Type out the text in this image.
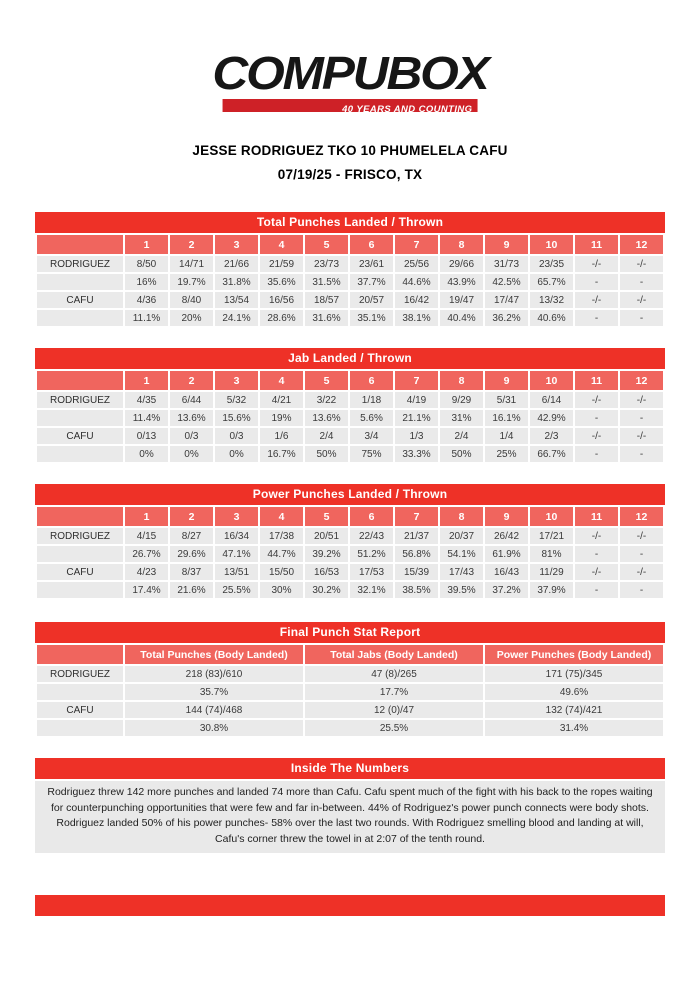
COMPUBOX
40 YEARS AND COUNTING
JESSE RODRIGUEZ TKO 10 PHUMELELA CAFU
07/19/25 - FRISCO, TX
Total Punches Landed / Thrown
	1	2	3	4	5	6	7	8	9	10	11	12
RODRIGUEZ	8/50	14/71	21/66	21/59	23/73	23/61	25/56	29/66	31/73	23/35	-/-	-/-
	16%	19.7%	31.8%	35.6%	31.5%	37.7%	44.6%	43.9%	42.5%	65.7%	-	-
CAFU	4/36	8/40	13/54	16/56	18/57	20/57	16/42	19/47	17/47	13/32	-/-	-/-
	11.1%	20%	24.1%	28.6%	31.6%	35.1%	38.1%	40.4%	36.2%	40.6%	-	-
Jab Landed / Thrown
	1	2	3	4	5	6	7	8	9	10	11	12
RODRIGUEZ	4/35	6/44	5/32	4/21	3/22	1/18	4/19	9/29	5/31	6/14	-/-	-/-
	11.4%	13.6%	15.6%	19%	13.6%	5.6%	21.1%	31%	16.1%	42.9%	-	-
CAFU	0/13	0/3	0/3	1/6	2/4	3/4	1/3	2/4	1/4	2/3	-/-	-/-
	0%	0%	0%	16.7%	50%	75%	33.3%	50%	25%	66.7%	-	-
Power Punches Landed / Thrown
	1	2	3	4	5	6	7	8	9	10	11	12
RODRIGUEZ	4/15	8/27	16/34	17/38	20/51	22/43	21/37	20/37	26/42	17/21	-/-	-/-
	26.7%	29.6%	47.1%	44.7%	39.2%	51.2%	56.8%	54.1%	61.9%	81%	-	-
CAFU	4/23	8/37	13/51	15/50	16/53	17/53	15/39	17/43	16/43	11/29	-/-	-/-
	17.4%	21.6%	25.5%	30%	30.2%	32.1%	38.5%	39.5%	37.2%	37.9%	-	-
Final Punch Stat Report
	Total Punches (Body Landed)	Total Jabs (Body Landed)	Power Punches (Body Landed)
RODRIGUEZ	218 (83)/610	47 (8)/265	171 (75)/345
	35.7%	17.7%	49.6%
CAFU	144 (74)/468	12 (0)/47	132 (74)/421
	30.8%	25.5%	31.4%
Inside The Numbers
Rodriguez threw 142 more punches and landed 74 more than Cafu. Cafu spent much of the fight with his back to the ropes waiting for counterpunching opportunities that were few and far in-between. 44% of Rodriguez's power punch connects were body shots. Rodriguez landed 50% of his power punches- 58% over the last two rounds. With Rodriguez smelling blood and landing at will, Cafu's corner threw the towel in at 2:07 of the tenth round.
